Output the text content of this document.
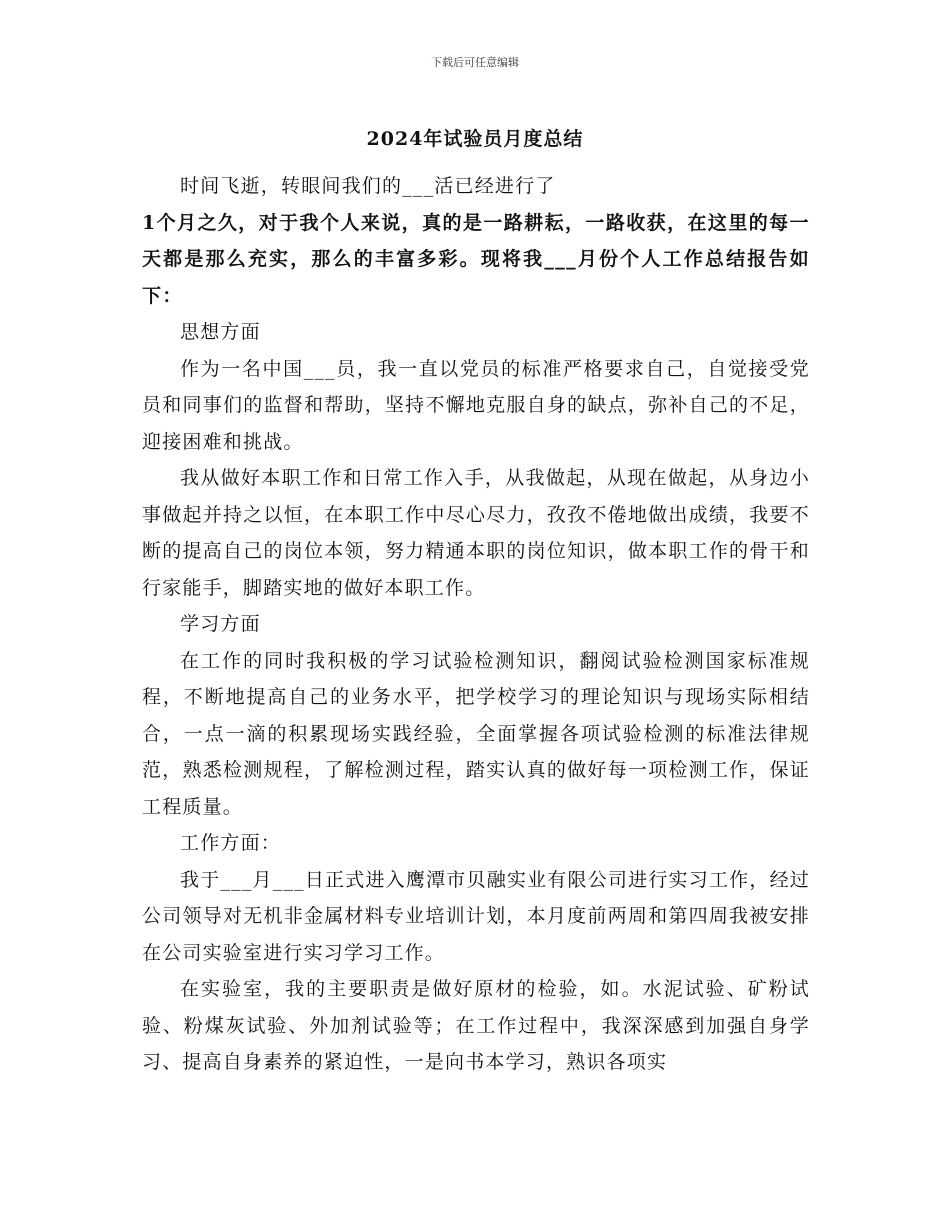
下载后可任意编辑
2024年试验员月度总结

时间飞逝，转眼间我们的___活已经进行了

1个月之久，对于我个人来说，真的是一路耕耘，一路收获，在这里的每一天都是那么充实，那么的丰富多彩。现将我___月份个人工作总结报告如下：

思想方面

作为一名中国___员，我一直以党员的标准严格要求自己，自觉接受党员和同事们的监督和帮助，坚持不懈地克服自身的缺点，弥补自己的不足，迎接困难和挑战。

我从做好本职工作和日常工作入手，从我做起，从现在做起，从身边小事做起并持之以恒，在本职工作中尽心尽力，孜孜不倦地做出成绩，我要不断的提高自己的岗位本领，努力精通本职的岗位知识，做本职工作的骨干和行家能手，脚踏实地的做好本职工作。

学习方面

在工作的同时我积极的学习试验检测知识，翻阅试验检测国家标准规程，不断地提高自己的业务水平，把学校学习的理论知识与现场实际相结合，一点一滴的积累现场实践经验，全面掌握各项试验检测的标准法律规范，熟悉检测规程，了解检测过程，踏实认真的做好每一项检测工作，保证工程质量。

工作方面：

我于___月___日正式进入鹰潭市贝融实业有限公司进行实习工作，经过公司领导对无机非金属材料专业培训计划，本月度前两周和第四周我被安排在公司实验室进行实习学习工作。

在实验室，我的主要职责是做好原材的检验，如。水泥试验、矿粉试验、粉煤灰试验、外加剂试验等；在工作过程中，我深深感到加强自身学习、提高自身素养的紧迫性，一是向书本学习，熟识各项实
